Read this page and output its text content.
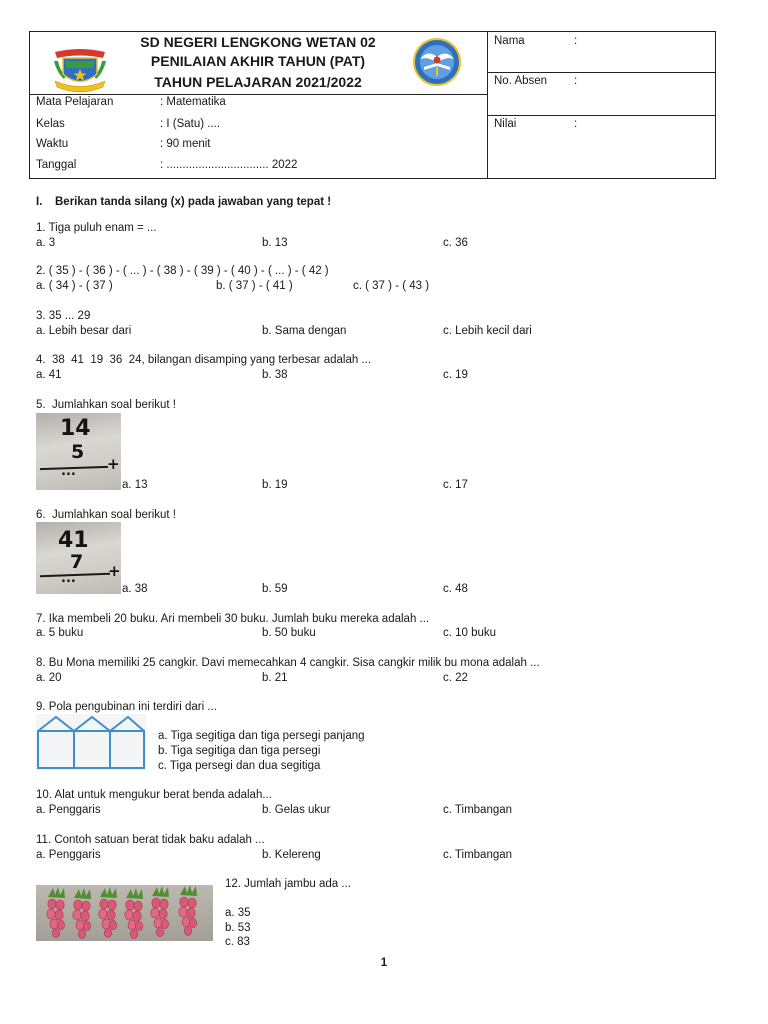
SD NEGERI LENGKONG WETAN 02
PENILAIAN AKHIR TAHUN (PAT)
TAHUN PELAJARAN 2021/2022
Mata Pelajaran	: Matematika
Kelas	: I (Satu) ....
Waktu	: 90 menit
Tanggal	: ................................ 2022
Nama	:
No. Absen :
Nilai	:
I. Berikan tanda silang (x) pada jawaban yang tepat !
1. Tiga puluh enam = ...
a. 3	b. 13	c. 36
2. ( 35 ) - ( 36 ) - ( ... ) - ( 38 ) - ( 39 ) - ( 40 ) - ( ... ) - ( 42 )
a. ( 34 ) - ( 37 )	b. ( 37 ) - ( 41 )	c. ( 37 ) - ( 43 )
3. 35 ... 29
a. Lebih besar dari	b. Sama dengan	c. Lebih kecil dari
4.  38  41  19  36  24, bilangan disamping yang terbesar adalah ...
a. 41	b. 38	c. 19
5.  Jumlahkan soal berikut !
14
5
... +
a. 13	b. 19	c. 17
6.  Jumlahkan soal berikut !
41
7
... +
a. 38	b. 59	c. 48
7. Ika membeli 20 buku. Ari membeli 30 buku. Jumlah buku mereka adalah ...
a. 5 buku	b. 50 buku	c. 10 buku
8. Bu Mona memiliki 25 cangkir. Davi memecahkan 4 cangkir. Sisa cangkir milik bu mona adalah ...
a. 20	b. 21	c. 22
9. Pola pengubinan ini terdiri dari ...
a. Tiga segitiga dan tiga persegi panjang
b. Tiga segitiga dan tiga persegi
c. Tiga persegi dan dua segitiga
10. Alat untuk mengukur berat benda adalah...
a. Penggaris	b. Gelas ukur	c. Timbangan
11. Contoh satuan berat tidak baku adalah ...
a. Penggaris	b. Kelereng	c. Timbangan
12. Jumlah jambu ada ...
a. 35
b. 53
c. 83
1
